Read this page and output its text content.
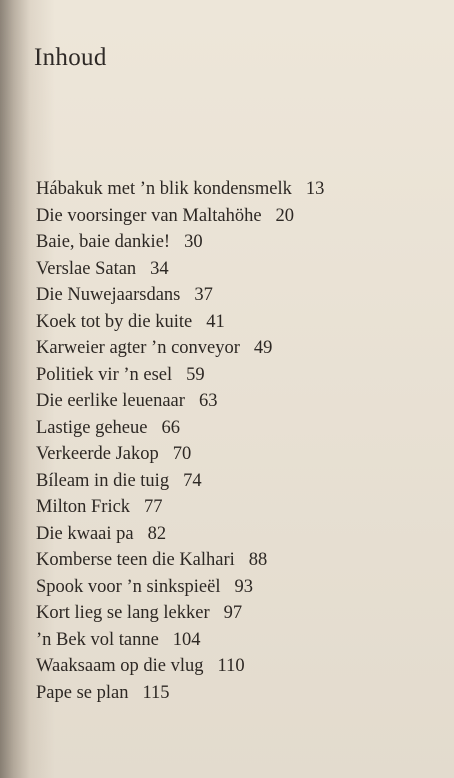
Inhoud
Hábakuk met ’n blik kondensmelk 13
Die voorsinger van Maltahöhe 20
Baie, baie dankie! 30
Verslae Satan 34
Die Nuwejaarsdans 37
Koek tot by die kuite 41
Karweier agter ’n conveyor 49
Politiek vir ’n esel 59
Die eerlike leuenaar 63
Lastige geheue 66
Verkeerde Jakop 70
Bíleam in die tuig 74
Milton Frick 77
Die kwaai pa 82
Komberse teen die Kalhari 88
Spook voor ’n sinkspieël 93
Kort lieg se lang lekker 97
’n Bek vol tanne 104
Waaksaam op die vlug 110
Pape se plan 115
